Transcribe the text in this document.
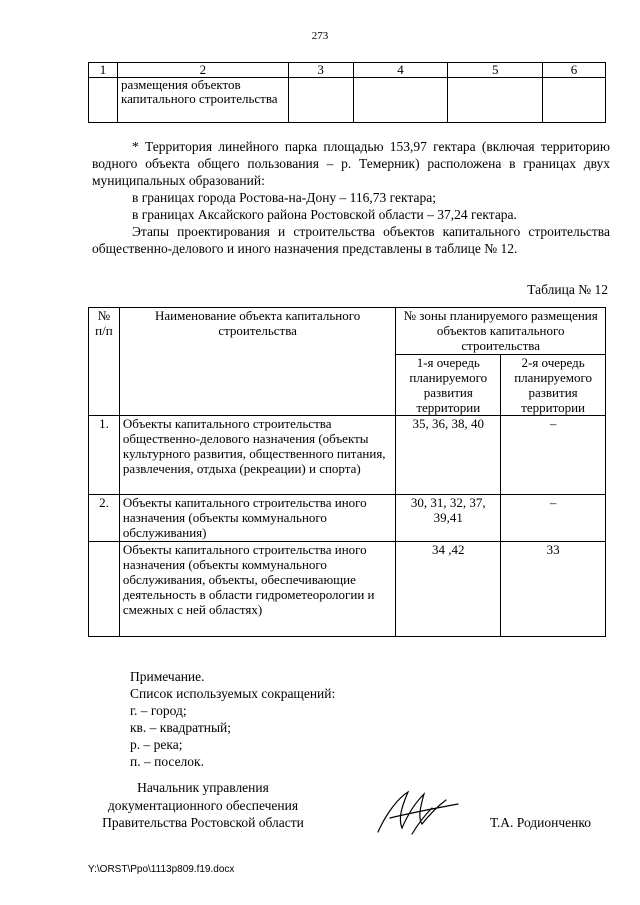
273
1	2	3	4	5	6
	размещения объектов капитального строительства				
* Территория линейного парка площадью 153,97 гектара (включая территорию водного объекта общего пользования – р. Темерник) расположена в границах двух муниципальных образований:
в границах города Ростова-на-Дону – 116,73 гектара;
в границах Аксайского района Ростовской области – 37,24 гектара.
Этапы проектирования и строительства объектов капитального строительства общественно-делового и иного назначения представлены в таблице № 12.
Таблица № 12
№ п/п	Наименование объекта капитального строительства	№ зоны планируемого размещения объектов капитального строительства	
		1-я очередь планируемого развития территории	2-я очередь планируемого развития территории
1.	Объекты капитального строительства общественно-делового назначения (объекты культурного развития, общественного питания, развлечения, отдыха (рекреации) и спорта)	35, 36, 38, 40	–
2.	Объекты капитального строительства иного назначения (объекты коммунального обслуживания)	30, 31, 32, 37, 39,41	–
	Объекты капитального строительства иного назначения (объекты коммунального обслуживания, объекты, обеспечивающие деятельность в области гидрометеорологии и смежных с ней областях)	34 ,42	33
Примечание.
Список используемых сокращений:
г. – город;
кв. – квадратный;
р. – река;
п. – поселок.
Начальник управления
документационного обеспечения
Правительства Ростовской области	Т.А. Родионченко
Y:\ORST\Ppo\1113p809.f19.docx
